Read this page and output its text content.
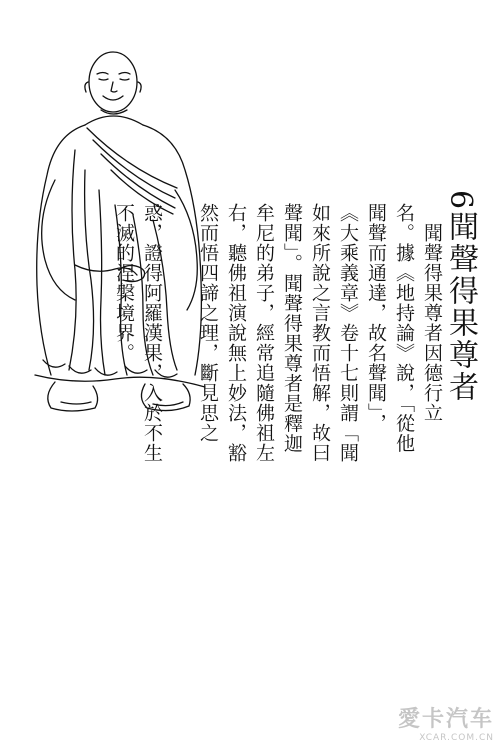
6聞聲得果尊者
　聞聲得果尊者因德行立
名。據《地持論》說，「從他
聞聲而通達，故名聲聞」，
《大乘義章》卷十七則謂「聞
如來所說之言教而悟解，故曰
聲聞」。聞聲得果尊者是釋迦
牟尼的弟子，經常追隨佛祖左
右，聽佛祖演說無上妙法，豁
然而悟四諦之理，斷見思之

惑，證得阿羅漢果，入於不生
不滅的涅槃境界。
愛卡汽车
XCAR.COM.CN
